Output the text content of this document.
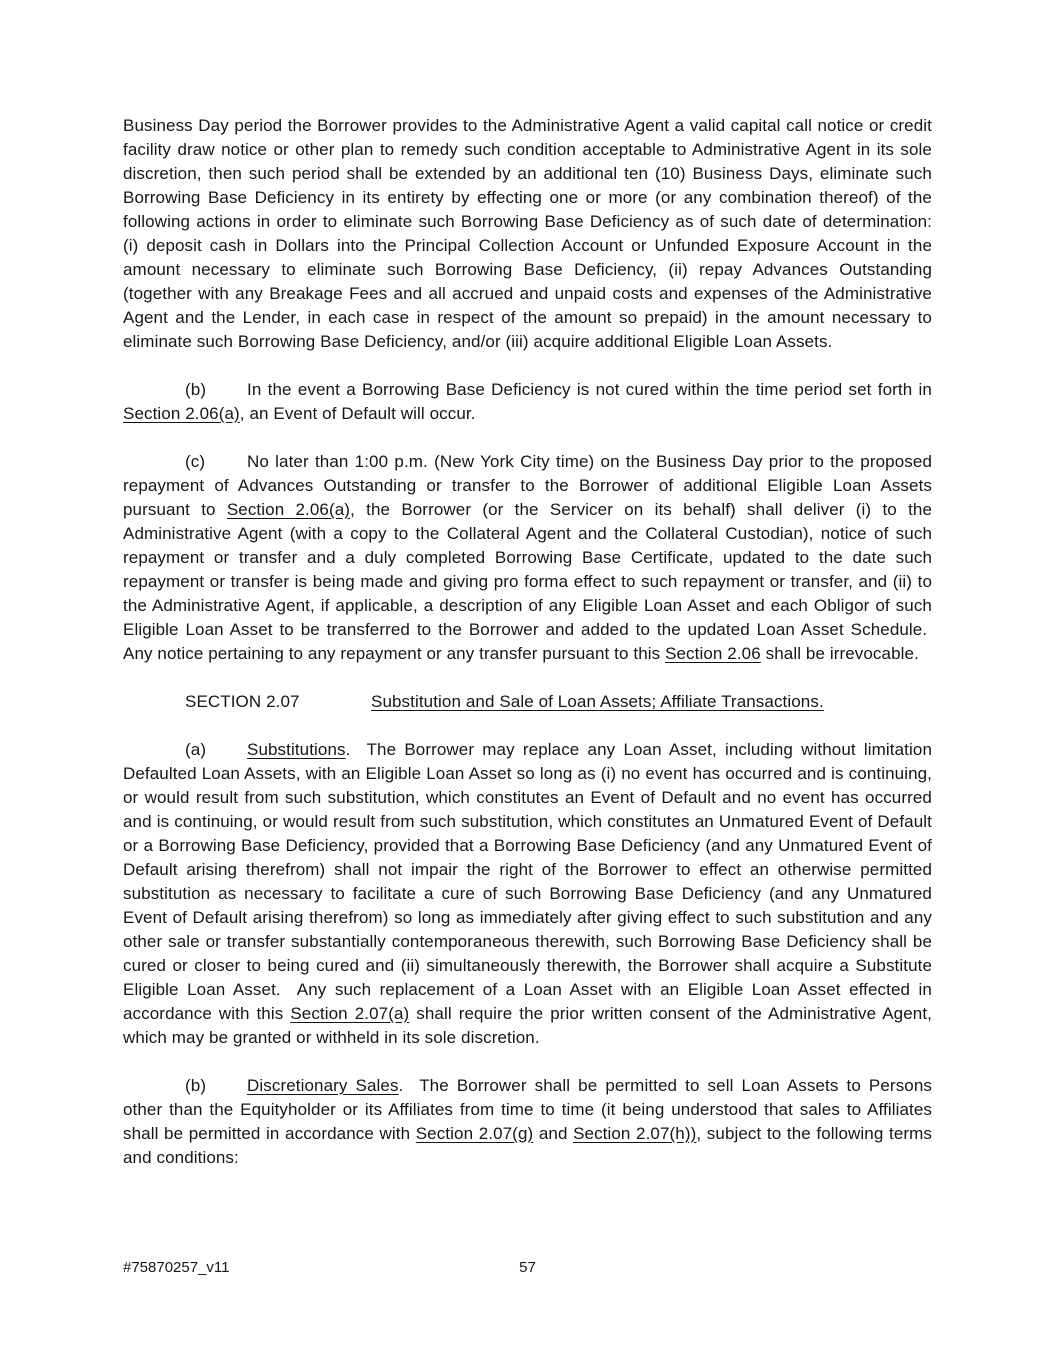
Business Day period the Borrower provides to the Administrative Agent a valid capital call notice or credit facility draw notice or other plan to remedy such condition acceptable to Administrative Agent in its sole discretion, then such period shall be extended by an additional ten (10) Business Days, eliminate such Borrowing Base Deficiency in its entirety by effecting one or more (or any combination thereof) of the following actions in order to eliminate such Borrowing Base Deficiency as of such date of determination: (i) deposit cash in Dollars into the Principal Collection Account or Unfunded Exposure Account in the amount necessary to eliminate such Borrowing Base Deficiency, (ii) repay Advances Outstanding (together with any Breakage Fees and all accrued and unpaid costs and expenses of the Administrative Agent and the Lender, in each case in respect of the amount so prepaid) in the amount necessary to eliminate such Borrowing Base Deficiency, and/or (iii) acquire additional Eligible Loan Assets.

(b) In the event a Borrowing Base Deficiency is not cured within the time period set forth in Section 2.06(a), an Event of Default will occur.

(c) No later than 1:00 p.m. (New York City time) on the Business Day prior to the proposed repayment of Advances Outstanding or transfer to the Borrower of additional Eligible Loan Assets pursuant to Section 2.06(a), the Borrower (or the Servicer on its behalf) shall deliver (i) to the Administrative Agent (with a copy to the Collateral Agent and the Collateral Custodian), notice of such repayment or transfer and a duly completed Borrowing Base Certificate, updated to the date such repayment or transfer is being made and giving pro forma effect to such repayment or transfer, and (ii) to the Administrative Agent, if applicable, a description of any Eligible Loan Asset and each Obligor of such Eligible Loan Asset to be transferred to the Borrower and added to the updated Loan Asset Schedule.  Any notice pertaining to any repayment or any transfer pursuant to this Section 2.06 shall be irrevocable.

SECTION 2.07	Substitution and Sale of Loan Assets; Affiliate Transactions.

(a) Substitutions.  The Borrower may replace any Loan Asset, including without limitation Defaulted Loan Assets, with an Eligible Loan Asset so long as (i) no event has occurred and is continuing, or would result from such substitution, which constitutes an Event of Default and no event has occurred and is continuing, or would result from such substitution, which constitutes an Unmatured Event of Default or a Borrowing Base Deficiency, provided that a Borrowing Base Deficiency (and any Unmatured Event of Default arising therefrom) shall not impair the right of the Borrower to effect an otherwise permitted substitution as necessary to facilitate a cure of such Borrowing Base Deficiency (and any Unmatured Event of Default arising therefrom) so long as immediately after giving effect to such substitution and any other sale or transfer substantially contemporaneous therewith, such Borrowing Base Deficiency shall be cured or closer to being cured and (ii) simultaneously therewith, the Borrower shall acquire a Substitute Eligible Loan Asset.  Any such replacement of a Loan Asset with an Eligible Loan Asset effected in accordance with this Section 2.07(a) shall require the prior written consent of the Administrative Agent, which may be granted or withheld in its sole discretion.

(b) Discretionary Sales.  The Borrower shall be permitted to sell Loan Assets to Persons other than the Equityholder or its Affiliates from time to time (it being understood that sales to Affiliates shall be permitted in accordance with Section 2.07(g) and Section 2.07(h)), subject to the following terms and conditions:

#75870257_v11	57
